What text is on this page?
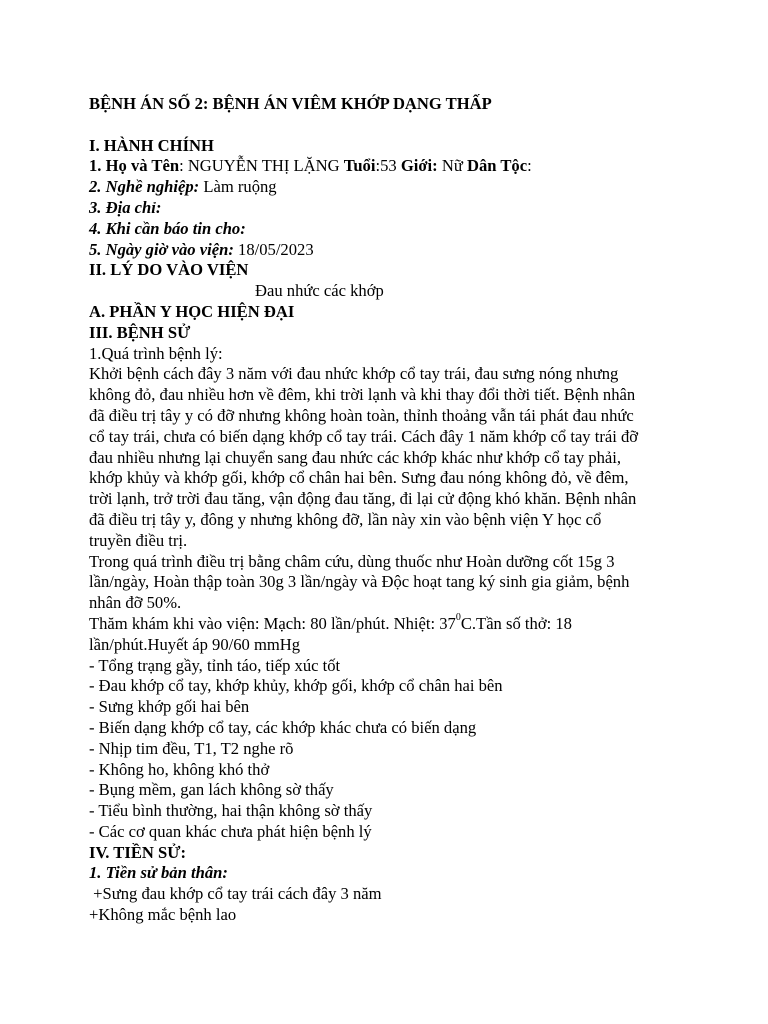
BỆNH ÁN SỐ 2: BỆNH ÁN VIÊM KHỚP DẠNG THẤP
I. HÀNH CHÍNH
1. Họ và Tên: NGUYỄN THỊ LẶNG Tuổi:53 Giới: Nữ Dân Tộc:
2. Nghề nghiệp: Làm ruộng
3. Địa chỉ:
4. Khi cần báo tin cho:
5. Ngày giờ vào viện: 18/05/2023
II. LÝ DO VÀO VIỆN
Đau nhức các khớp
A. PHẦN Y HỌC HIỆN ĐẠI
III. BỆNH SỬ
1.Quá trình bệnh lý:
Khởi bệnh cách đây 3 năm với đau nhức khớp cổ tay trái, đau sưng nóng nhưng
không đỏ, đau nhiều hơn về đêm, khi trời lạnh và khi thay đổi thời tiết. Bệnh nhân
đã điều trị tây y có đỡ nhưng không hoàn toàn, thỉnh thoảng vẫn tái phát đau nhức
cổ tay trái, chưa có biến dạng khớp cổ tay trái. Cách đây 1 năm khớp cổ tay trái đỡ
đau nhiều nhưng lại chuyển sang đau nhức các khớp khác như khớp cổ tay phải,
khớp khủy và khớp gối, khớp cổ chân hai bên. Sưng đau nóng không đỏ, về đêm,
trời lạnh, trở trời đau tăng, vận động đau tăng, đi lại cử động khó khăn. Bệnh nhân
đã điều trị tây y, đông y nhưng không đỡ, lần này xin vào bệnh viện Y học cổ
truyền điều trị.
Trong quá trình điều trị bằng châm cứu, dùng thuốc như Hoàn dưỡng cốt 15g 3
lần/ngày, Hoàn thập toàn 30g 3 lần/ngày và Độc hoạt tang ký sinh gia giảm, bệnh
nhân đỡ 50%.
Thăm khám khi vào viện: Mạch: 80 lần/phút. Nhiệt: $37^0C.Tần$ số thở: 18
lần/phút.Huyết áp 90/60 mmHg
- Tổng trạng gầy, tỉnh táo, tiếp xúc tốt
- Đau khớp cổ tay, khớp khủy, khớp gối, khớp cổ chân hai bên
- Sưng khớp gối hai bên
- Biến dạng khớp cổ tay, các khớp khác chưa có biến dạng
- Nhịp tim đều, T1, T2 nghe rõ
- Không ho, không khó thở
- Bụng mềm, gan lách không sờ thấy
- Tiểu bình thường, hai thận không sờ thấy
- Các cơ quan khác chưa phát hiện bệnh lý
IV. TIỀN SỬ:
1. Tiền sử bản thân:
+Sưng đau khớp cổ tay trái cách đây 3 năm
+Không mắc bệnh lao
